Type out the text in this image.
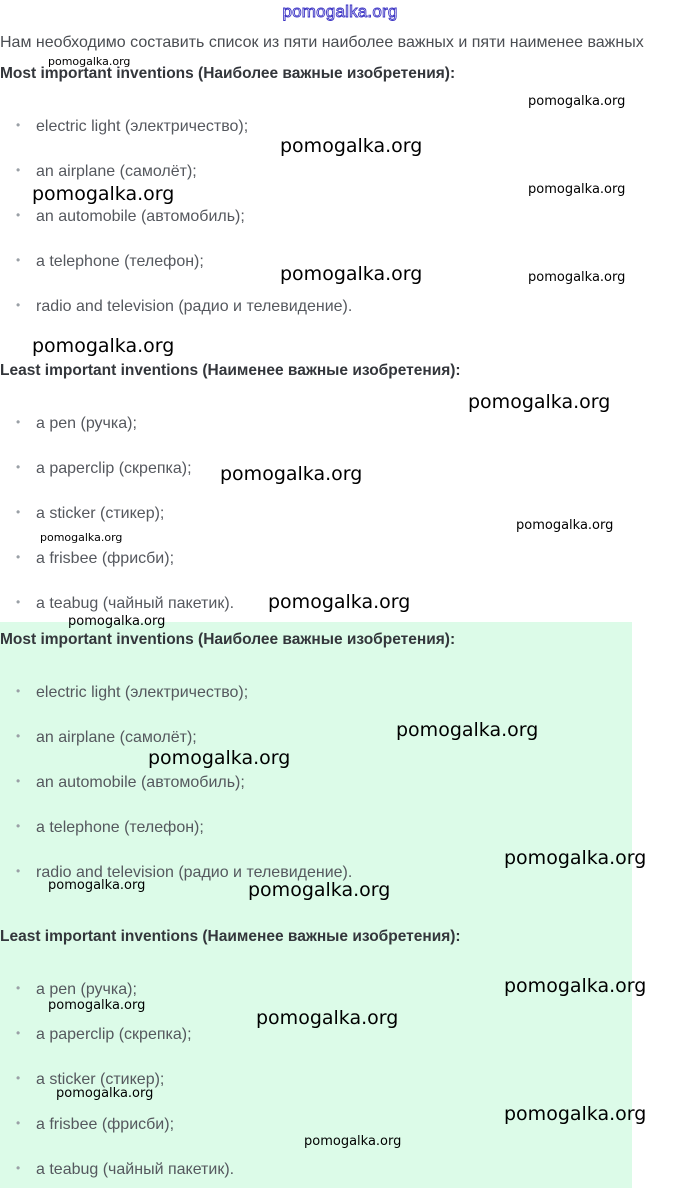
pomogalka.org
Нам необходимо составить список из пяти наиболее важных и пяти наименее важных
Most important inventions (Наиболее важные изобретения):
• electric light (электричество);
• an airplane (самолёт);
• an automobile (автомобиль);
• a telephone (телефон);
• radio and television (радио и телевидение).
Least important inventions (Наименее важные изобретения):
• a pen (ручка);
• a paperclip (скрепка);
• a sticker (стикер);
• a frisbee (фрисби);
• a teabug (чайный пакетик).
Most important inventions (Наиболее важные изобретения):
• electric light (электричество);
• an airplane (самолёт);
• an automobile (автомобиль);
• a telephone (телефон);
• radio and television (радио и телевидение).
Least important inventions (Наименее важные изобретения):
• a pen (ручка);
• a paperclip (скрепка);
• a sticker (стикер);
• a frisbee (фрисби);
• a teabug (чайный пакетик).
pomogalka.org
pomogalka.org
pomogalka.org
pomogalka.org	pomogalka.org
pomogalka.org	pomogalka.org
pomogalka.org
pomogalka.org
pomogalka.org
pomogalka.org
pomogalka.org
pomogalka.org
pomogalka.org
pomogalka.org
pomogalka.org
pomogalka.org
pomogalka.org	pomogalka.org
pomogalka.org
pomogalka.org
pomogalka.org
pomogalka.org
pomogalka.org
pomogalka.org
